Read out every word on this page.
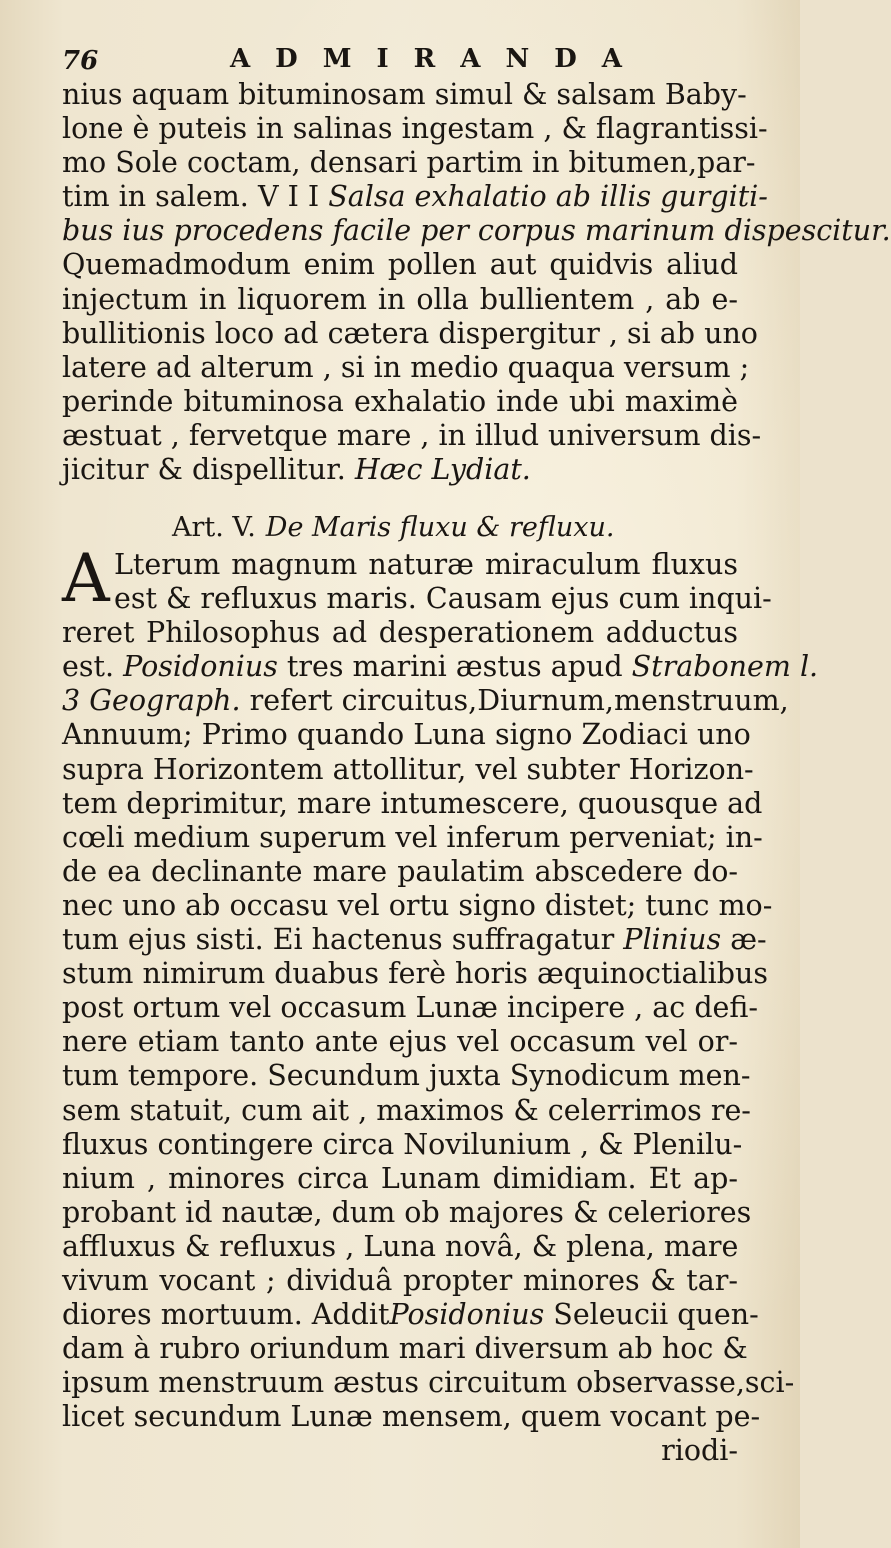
76	ADMIRANDA
nius aquam bituminosam simul & salsam Baby-
lone è puteis in salinas ingestam , & flagrantissi-
mo Sole coctam, densari partim in bitumen,par-
tim in salem. V I I Salsa exhalatio ab illis gurgiti-
bus ius procedens facile per corpus marinum dispescitur.
Quemadmodum enim pollen aut quidvis aliud
injectum in liquorem in olla bullientem , ab e-
bullitionis loco ad cætera dispergitur , si ab uno
latere ad alterum , si in medio quaqua versum ;
perinde bituminosa exhalatio inde ubi maximè
æstuat , fervetque mare , in illud universum dis-
jicitur & dispellitur. Hæc Lydiat.
Art. V. De Maris fluxu & refluxu.
A Lterum magnum naturæ miraculum fluxus
est & refluxus maris. Causam ejus cum inqui-
reret Philosophus ad desperationem adductus
est. Posidonius tres marini æstus apud Strabonem l.
3 Geograph. refert circuitus,Diurnum,menstruum,
Annuum; Primo quando Luna signo Zodiaci uno
supra Horizontem attollitur, vel subter Horizon-
tem deprimitur, mare intumescere, quousque ad
cœli medium superum vel inferum perveniat; in-
de ea declinante mare paulatim abscedere do-
nec uno ab occasu vel ortu signo distet; tunc mo-
tum ejus sisti. Ei hactenus suffragatur Plinius æ-
stum nimirum duabus ferè horis æquinoctialibus
post ortum vel occasum Lunæ incipere , ac defi-
nere etiam tanto ante ejus vel occasum vel or-
tum tempore. Secundum juxta Synodicum men-
sem statuit, cum ait , maximos & celerrimos re-
fluxus contingere circa Novilunium , & Plenilu-
nium , minores circa Lunam dimidiam. Et ap-
probant id nautæ, dum ob majores & celeriores
affluxus & refluxus , Luna novâ, & plena, mare
vivum vocant ; dividuâ propter minores & tar-
diores mortuum. AdditPosidonius Seleucii quen-
dam à rubro oriundum mari diversum ab hoc &
ipsum menstruum æstus circuitum observasse,sci-
licet secundum Lunæ mensem, quem vocant pe-
riodi-
